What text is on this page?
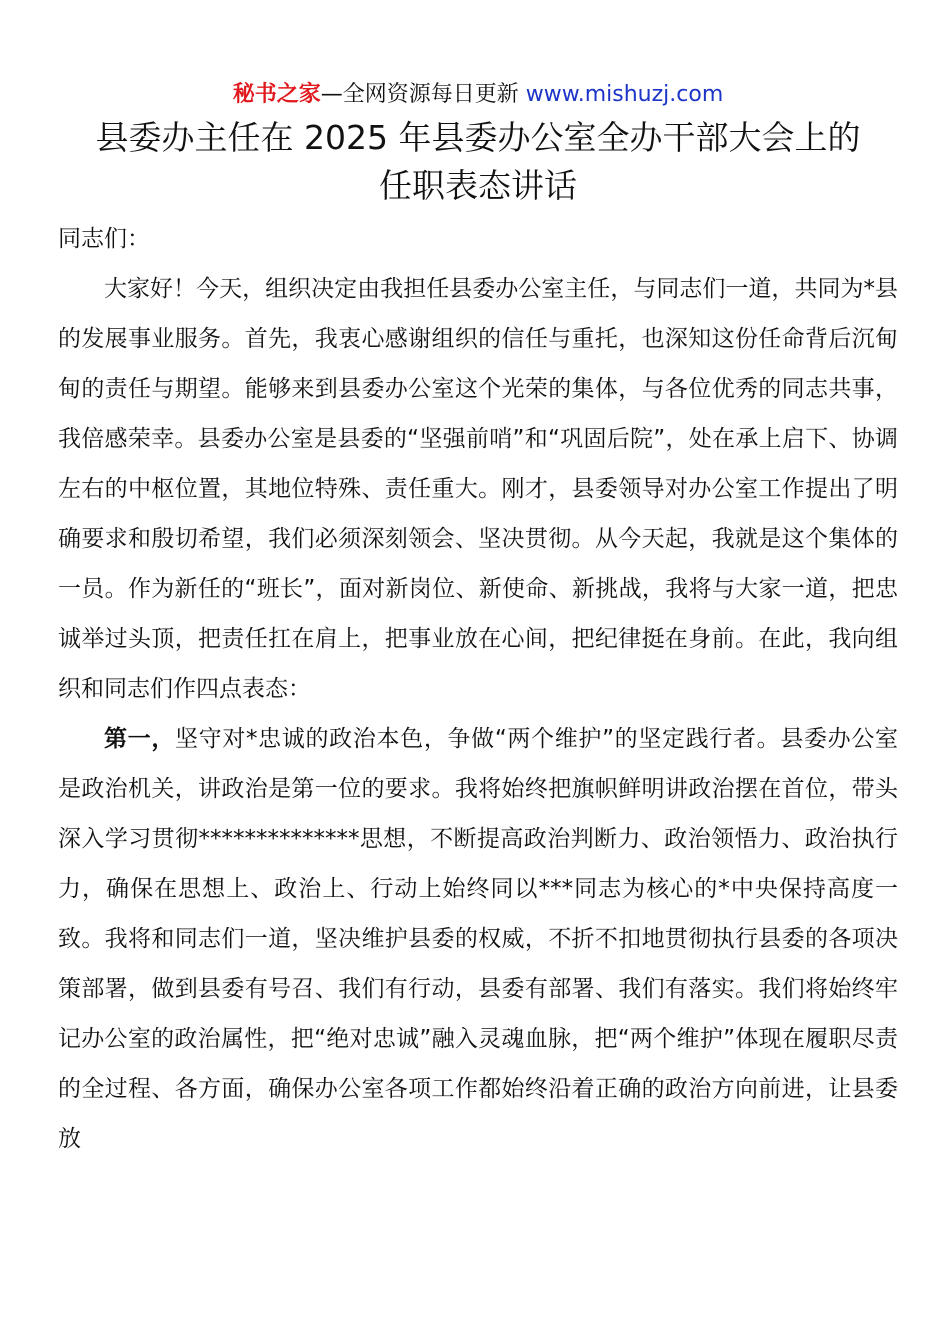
秘书之家—全网资源每日更新 www.mishuzj.com
县委办主任在 2025 年县委办公室全办干部大会上的
任职表态讲话
同志们：

大家好！今天，组织决定由我担任县委办公室主任，与同志们一道，共同为*县的发展事业服务。首先，我衷心感谢组织的信任与重托，也深知这份任命背后沉甸甸的责任与期望。能够来到县委办公室这个光荣的集体，与各位优秀的同志共事，我倍感荣幸。县委办公室是县委的“坚强前哨”和“巩固后院”，处在承上启下、协调左右的中枢位置，其地位特殊、责任重大。刚才，县委领导对办公室工作提出了明确要求和殷切希望，我们必须深刻领会、坚决贯彻。从今天起，我就是这个集体的一员。作为新任的“班长”，面对新岗位、新使命、新挑战，我将与大家一道，把忠诚举过头顶，把责任扛在肩上，把事业放在心间，把纪律挺在身前。在此，我向组织和同志们作四点表态：

第一，坚守对*忠诚的政治本色，争做“两个维护”的坚定践行者。县委办公室是政治机关，讲政治是第一位的要求。我将始终把旗帜鲜明讲政治摆在首位，带头深入学习贯彻**************思想，不断提高政治判断力、政治领悟力、政治执行力，确保在思想上、政治上、行动上始终同以***同志为核心的*中央保持高度一致。我将和同志们一道，坚决维护县委的权威，不折不扣地贯彻执行县委的各项决策部署，做到县委有号召、我们有行动，县委有部署、我们有落实。我们将始终牢记办公室的政治属性，把“绝对忠诚”融入灵魂血脉，把“两个维护”体现在履职尽责的全过程、各方面，确保办公室各项工作都始终沿着正确的政治方向前进，让县委放
